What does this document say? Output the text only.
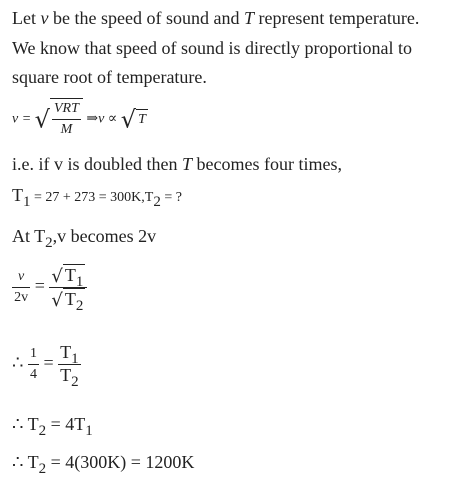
Let v be the speed of sound and T represent temperature.
We know that speed of sound is directly proportional to
square root of temperature.
v = √ $\frac{\text{VRT}}{M}$ ⇒v ∝ √ T
i.e. if v is doubled then T becomes four times,
$T_1 = 27 + 273 = 300K,T_2$ = ?
At $T_2,v$ becomes 2v
$\frac{v}{2v} = \frac{√ T_1}{√ T_2}$
∴ $\frac{1}{4} = \frac{T_1}{T_2}$
∴ $T_2 = 4T_1$
∴ $T_2 = 4(300K) = 1200K$
